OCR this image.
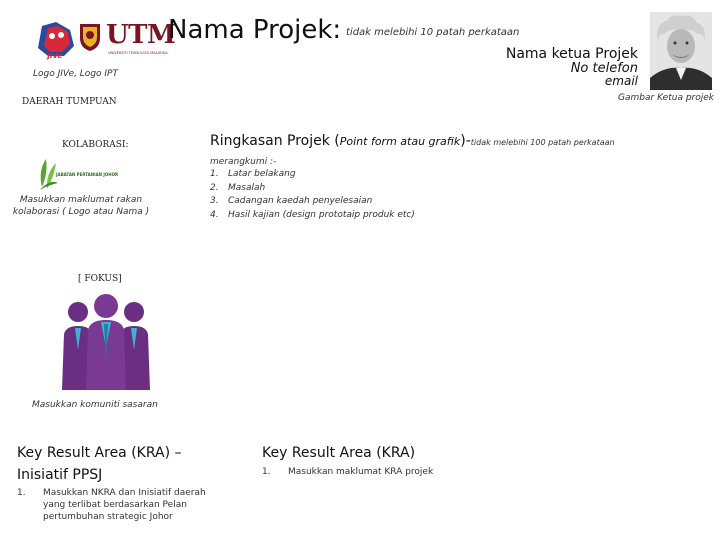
JIVe
UTM
UNIVERSITI TEKNOLOGI MALAYSIA
Nama Projek: tidak melebihi 10 patah perkataan
Logo JIVe, Logo IPT
Nama ketua Projek
No telefon
email
Gambar Ketua projek
DAERAH TUMPUAN
KOLABORASI:
JABATAN PERTANIAN JOHOR
Masukkan maklumat rakan kolaborasi ( Logo atau Nama )
Ringkasan Projek (Point form atau grafik)-tidak melebihi 100 patah perkataan
merangkumi :-
1. Latar belakang
2. Masalah
3. Cadangan kaedah penyelesaian
4. Hasil kajian (design prototaip produk etc)
[ FOKUS]
Masukkan komuniti sasaran
Key Result Area (KRA) – Inisiatif PPSJ
1.	Masukkan NKRA dan Inisiatif daerah yang terlibat berdasarkan Pelan pertumbuhan strategic Johor
Key Result Area (KRA)
1.	Masukkan maklumat KRA projek
